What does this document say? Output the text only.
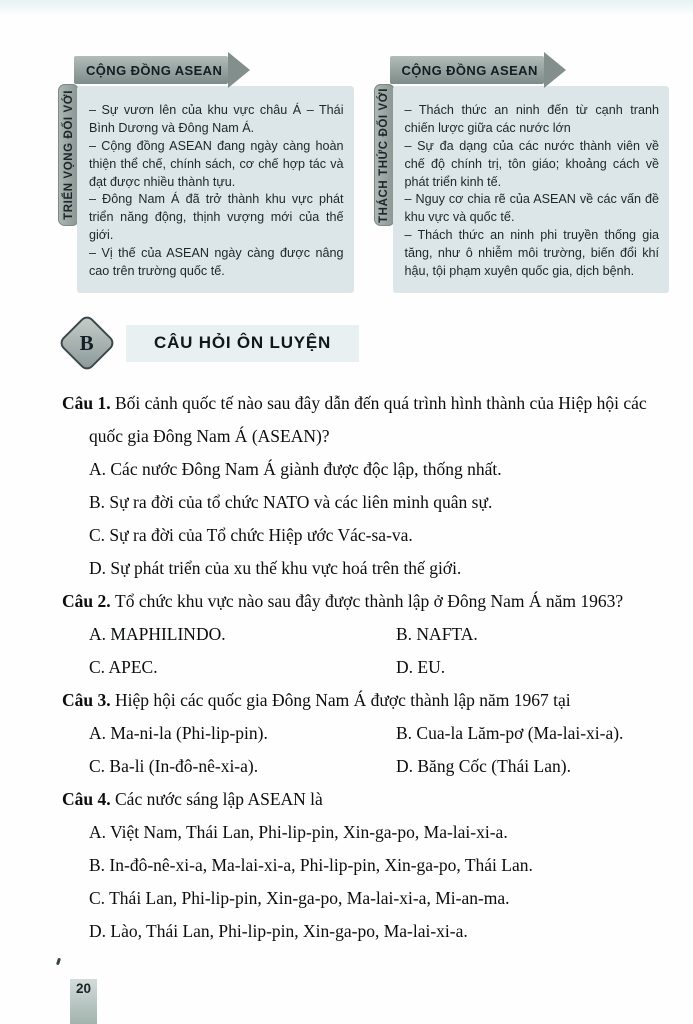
TRIỂN VỌNG ĐỐI VỚI
CỘNG ĐỒNG ASEAN

– Sự vươn lên của khu vực châu Á – Thái Bình Dương và Đông Nam Á.

– Cộng đồng ASEAN đang ngày càng hoàn thiện thể chế, chính sách, cơ chế hợp tác và đạt được nhiều thành tựu.

– Đông Nam Á đã trở thành khu vực phát triển năng động, thịnh vượng mới của thế giới.

– Vị thế của ASEAN ngày càng được nâng cao trên trường quốc tế.

THÁCH THỨC ĐỐI VỚI
CỘNG ĐỒNG ASEAN

– Thách thức an ninh đến từ cạnh tranh chiến lược giữa các nước lớn

– Sự đa dạng của các nước thành viên về chế độ chính trị, tôn giáo; khoảng cách về phát triển kinh tế.

– Nguy cơ chia rẽ của ASEAN về các vấn đề khu vực và quốc tế.

– Thách thức an ninh phi truyền thống gia tăng, như ô nhiễm môi trường, biến đổi khí hậu, tội phạm xuyên quốc gia, dịch bệnh.

B	CÂU HỎI ÔN LUYỆN

Câu 1. Bối cảnh quốc tế nào sau đây dẫn đến quá trình hình thành của Hiệp hội các quốc gia Đông Nam Á (ASEAN)?

A. Các nước Đông Nam Á giành được độc lập, thống nhất.

B. Sự ra đời của tổ chức NATO và các liên minh quân sự.

C. Sự ra đời của Tổ chức Hiệp ước Vác-sa-va.

D. Sự phát triển của xu thế khu vực hoá trên thế giới.

Câu 2. Tổ chức khu vực nào sau đây được thành lập ở Đông Nam Á năm 1963?

A. MAPHILINDO.	B. NAFTA.

C. APEC.	D. EU.

Câu 3. Hiệp hội các quốc gia Đông Nam Á được thành lập năm 1967 tại

A. Ma-ni-la (Phi-lip-pin).	B. Cua-la Lăm-pơ (Ma-lai-xi-a).

C. Ba-li (In-đô-nê-xi-a).	D. Băng Cốc (Thái Lan).

Câu 4. Các nước sáng lập ASEAN là

A. Việt Nam, Thái Lan, Phi-lip-pin, Xin-ga-po, Ma-lai-xi-a.

B. In-đô-nê-xi-a, Ma-lai-xi-a, Phi-lip-pin, Xin-ga-po, Thái Lan.

C. Thái Lan, Phi-lip-pin, Xin-ga-po, Ma-lai-xi-a, Mi-an-ma.

D. Lào, Thái Lan, Phi-lip-pin, Xin-ga-po, Ma-lai-xi-a.

20
